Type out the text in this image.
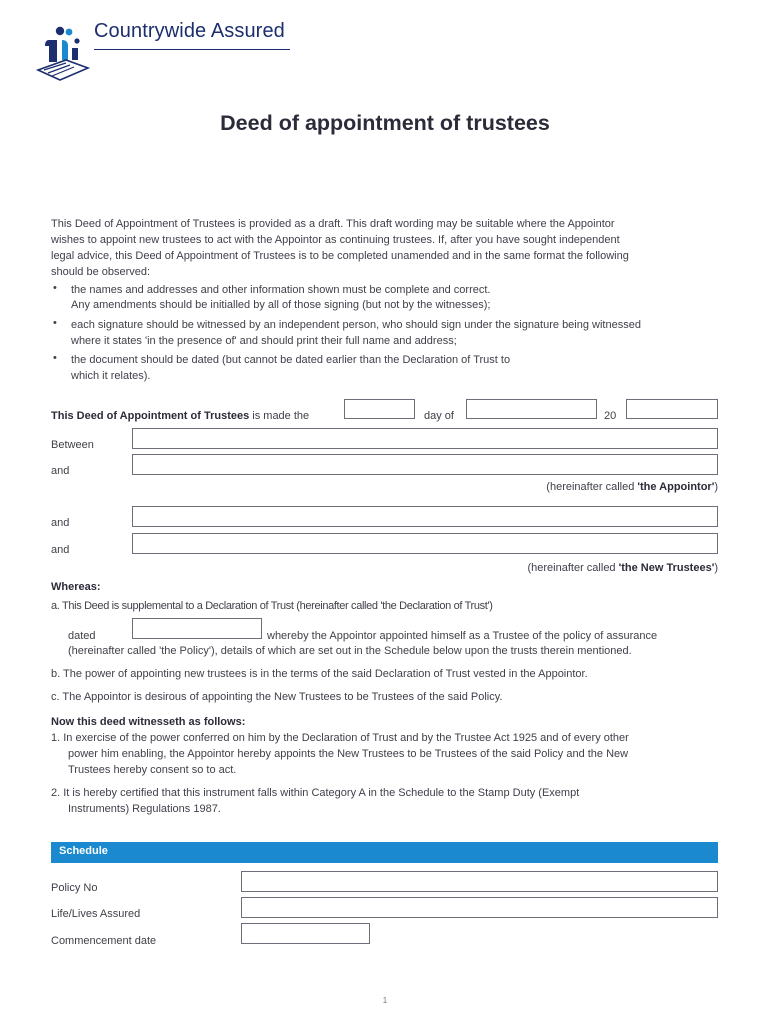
Countrywide Assured
Deed of appointment of trustees
This Deed of Appointment of Trustees is provided as a draft. This draft wording may be suitable where the Appointor
wishes to appoint new trustees to act with the Appointor as continuing trustees. If, after you have sought independent
legal advice, this Deed of Appointment of Trustees is to be completed unamended and in the same format the following
should be observed:
• the names and addresses and other information shown must be complete and correct.
Any amendments should be initialled by all of those signing (but not by the witnesses);
• each signature should be witnessed by an independent person, who should sign under the signature being witnessed
where it states 'in the presence of' and should print their full name and address;
• the document should be dated (but cannot be dated earlier than the Declaration of Trust to
which it relates).
This Deed of Appointment of Trustees is made the	day of	20
Between
and
(hereinafter called 'the Appointor')
and
and
(hereinafter called 'the New Trustees')
Whereas:
a. This Deed is supplemental to a Declaration of Trust (hereinafter called 'the Declaration of Trust')
dated	whereby the Appointor appointed himself as a Trustee of the policy of assurance
(hereinafter called 'the Policy'), details of which are set out in the Schedule below upon the trusts therein mentioned.
b. The power of appointing new trustees is in the terms of the said Declaration of Trust vested in the Appointor.
c. The Appointor is desirous of appointing the New Trustees to be Trustees of the said Policy.
Now this deed witnesseth as follows:
1. In exercise of the power conferred on him by the Declaration of Trust and by the Trustee Act 1925 and of every other
power him enabling, the Appointor hereby appoints the New Trustees to be Trustees of the said Policy and the New
Trustees hereby consent so to act.
2. It is hereby certified that this instrument falls within Category A in the Schedule to the Stamp Duty (Exempt
Instruments) Regulations 1987.
Schedule
Policy No
Life/Lives Assured
Commencement date
1
